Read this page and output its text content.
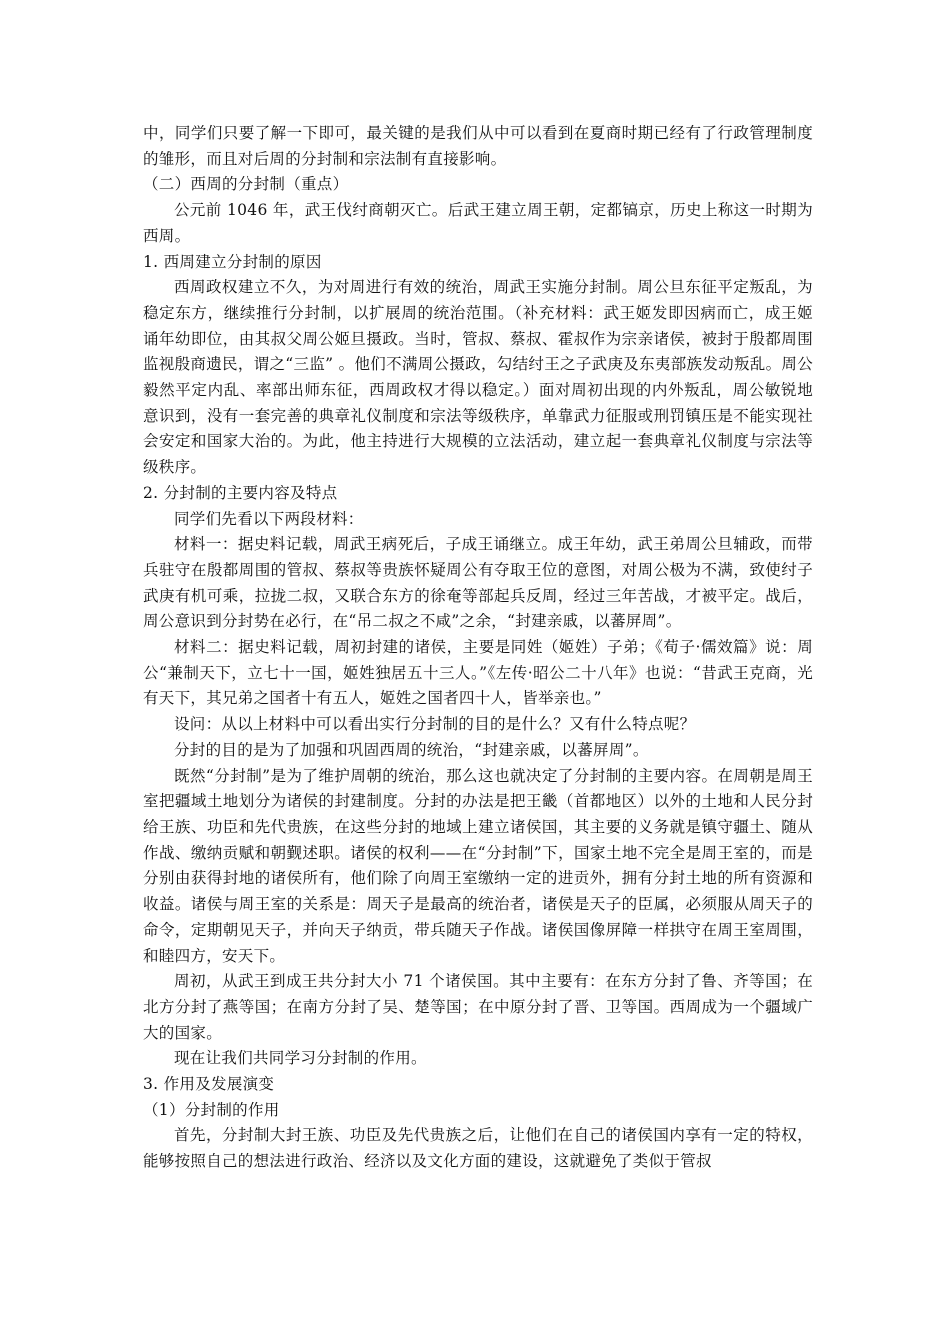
中，同学们只要了解一下即可，最关键的是我们从中可以看到在夏商时期已经有了行政管理制度的雏形，而且对后周的分封制和宗法制有直接影响。

（二）西周的分封制（重点）

公元前 1046 年，武王伐纣商朝灭亡。后武王建立周王朝，定都镐京，历史上称这一时期为西周。

1. 西周建立分封制的原因

西周政权建立不久，为对周进行有效的统治，周武王实施分封制。周公旦东征平定叛乱，为稳定东方，继续推行分封制，以扩展周的统治范围。（补充材料：武王姬发即因病而亡，成王姬诵年幼即位，由其叔父周公姬旦摄政。当时，管叔、蔡叔、霍叔作为宗亲诸侯，被封于殷都周围监视殷商遗民，谓之“三监” 。他们不满周公摄政，勾结纣王之子武庚及东夷部族发动叛乱。周公毅然平定内乱、率部出师东征，西周政权才得以稳定。）面对周初出现的内外叛乱，周公敏锐地意识到，没有一套完善的典章礼仪制度和宗法等级秩序，单靠武力征服或刑罚镇压是不能实现社会安定和国家大治的。为此，他主持进行大规模的立法活动，建立起一套典章礼仪制度与宗法等级秩序。

2. 分封制的主要内容及特点

同学们先看以下两段材料：

材料一：据史料记载，周武王病死后，子成王诵继立。成王年幼，武王弟周公旦辅政，而带兵驻守在殷都周围的管叔、蔡叔等贵族怀疑周公有夺取王位的意图，对周公极为不满，致使纣子武庚有机可乘，拉拢二叔，又联合东方的徐奄等部起兵反周，经过三年苦战，才被平定。战后，周公意识到分封势在必行，在“吊二叔之不咸”之余，“封建亲戚，以蕃屏周”。

材料二：据史料记载，周初封建的诸侯，主要是同姓（姬姓）子弟；《荀子·儒效篇》说：周公“兼制天下，立七十一国，姬姓独居五十三人。”《左传·昭公二十八年》也说：“昔武王克商，光有天下，其兄弟之国者十有五人，姬姓之国者四十人，皆举亲也。”

设问：从以上材料中可以看出实行分封制的目的是什么？又有什么特点呢？

分封的目的是为了加强和巩固西周的统治，“封建亲戚，以蕃屏周”。

既然“分封制”是为了维护周朝的统治，那么这也就决定了分封制的主要内容。在周朝是周王室把疆域土地划分为诸侯的封建制度。分封的办法是把王畿（首都地区）以外的土地和人民分封给王族、功臣和先代贵族，在这些分封的地域上建立诸侯国，其主要的义务就是镇守疆土、随从作战、缴纳贡赋和朝觐述职。诸侯的权利——在“分封制”下，国家土地不完全是周王室的，而是分别由获得封地的诸侯所有，他们除了向周王室缴纳一定的进贡外，拥有分封土地的所有资源和收益。诸侯与周王室的关系是：周天子是最高的统治者，诸侯是天子的臣属，必须服从周天子的命令，定期朝见天子，并向天子纳贡，带兵随天子作战。诸侯国像屏障一样拱守在周王室周围，和睦四方，安天下。

周初，从武王到成王共分封大小 71 个诸侯国。其中主要有：在东方分封了鲁、齐等国；在北方分封了燕等国；在南方分封了吴、楚等国；在中原分封了晋、卫等国。西周成为一个疆域广大的国家。

现在让我们共同学习分封制的作用。

3. 作用及发展演变

（1）分封制的作用

首先，分封制大封王族、功臣及先代贵族之后，让他们在自己的诸侯国内享有一定的特权，能够按照自己的想法进行政治、经济以及文化方面的建设，这就避免了类似于管叔
